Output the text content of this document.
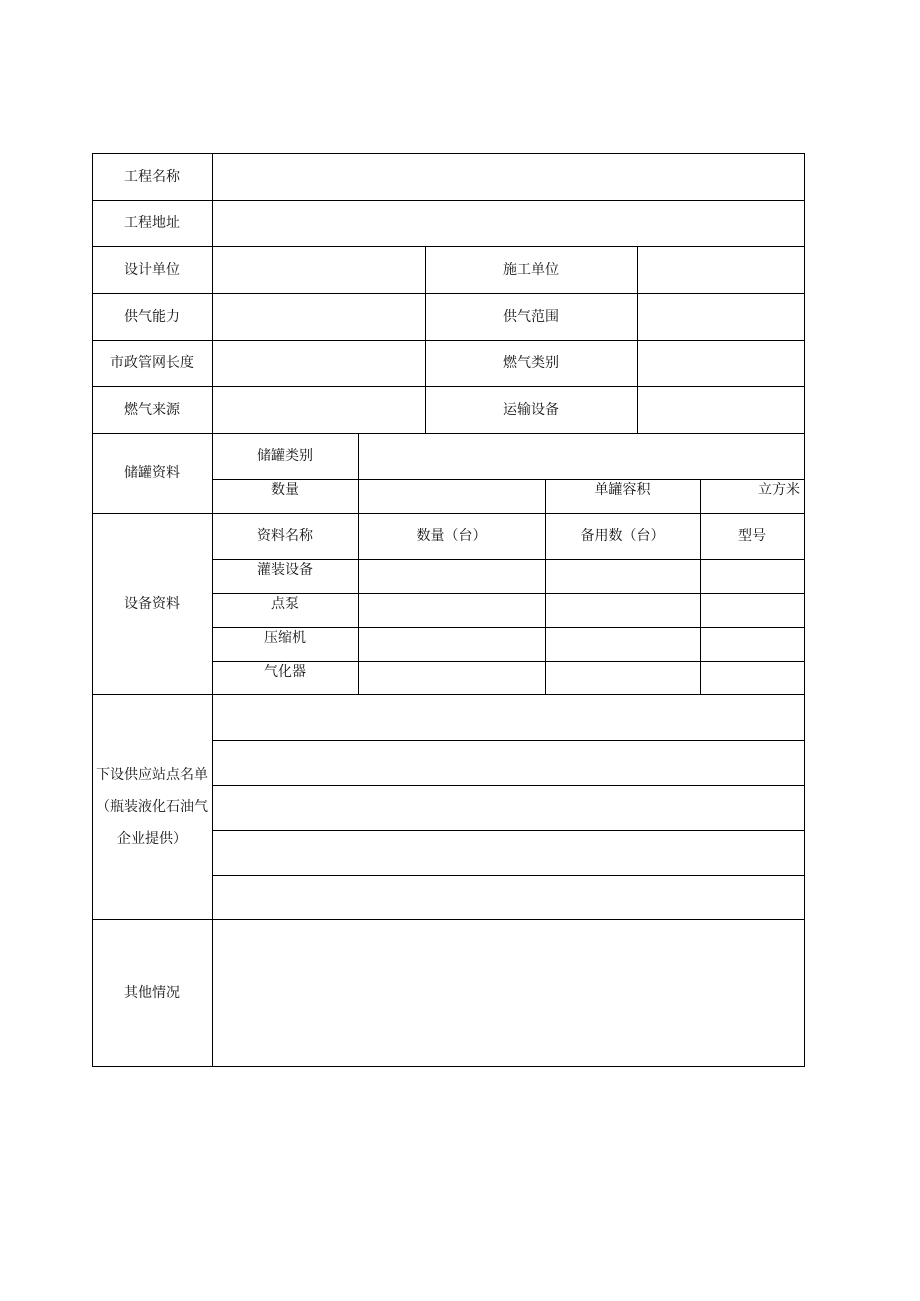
工程名称
工程地址
设计单位	施工单位
供气能力	供气范围
市政管网长度	燃气类别
燃气来源	运输设备
储罐资料
储罐类别
数量	单罐容积	立方米
设备资料
资料名称	数量（台）	备用数（台）	型号
灌装设备
点泵
压缩机
气化器
下设供应站点名单（瓶装液化石油气企业提供）
其他情况
